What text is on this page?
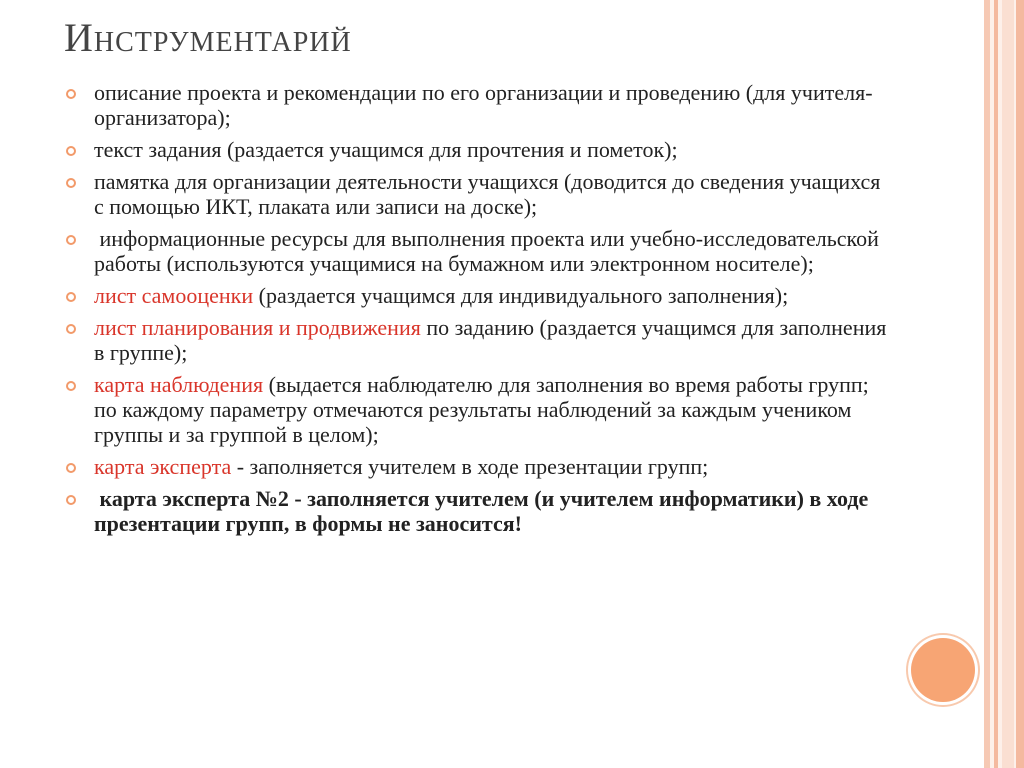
Инструментарий
описание проекта и рекомендации по его организации и проведению (для учителя-организатора);
текст задания (раздается учащимся для прочтения и пометок);
памятка для организации деятельности учащихся (доводится до сведения учащихся с помощью ИКТ, плаката или записи на доске);
информационные ресурсы для выполнения проекта или учебно-исследовательской работы (используются учащимися на бумажном или электронном носителе);
лист самооценки (раздается учащимся для индивидуального заполнения);
лист планирования и продвижения по заданию (раздается учащимся для заполнения в группе);
карта наблюдения (выдается наблюдателю для заполнения во время работы групп; по каждому параметру отмечаются результаты наблюдений за каждым учеником группы и за группой в целом);
карта эксперта - заполняется учителем в ходе презентации групп;
карта эксперта №2 - заполняется учителем (и учителем информатики) в ходе презентации групп, в формы не заносится!
